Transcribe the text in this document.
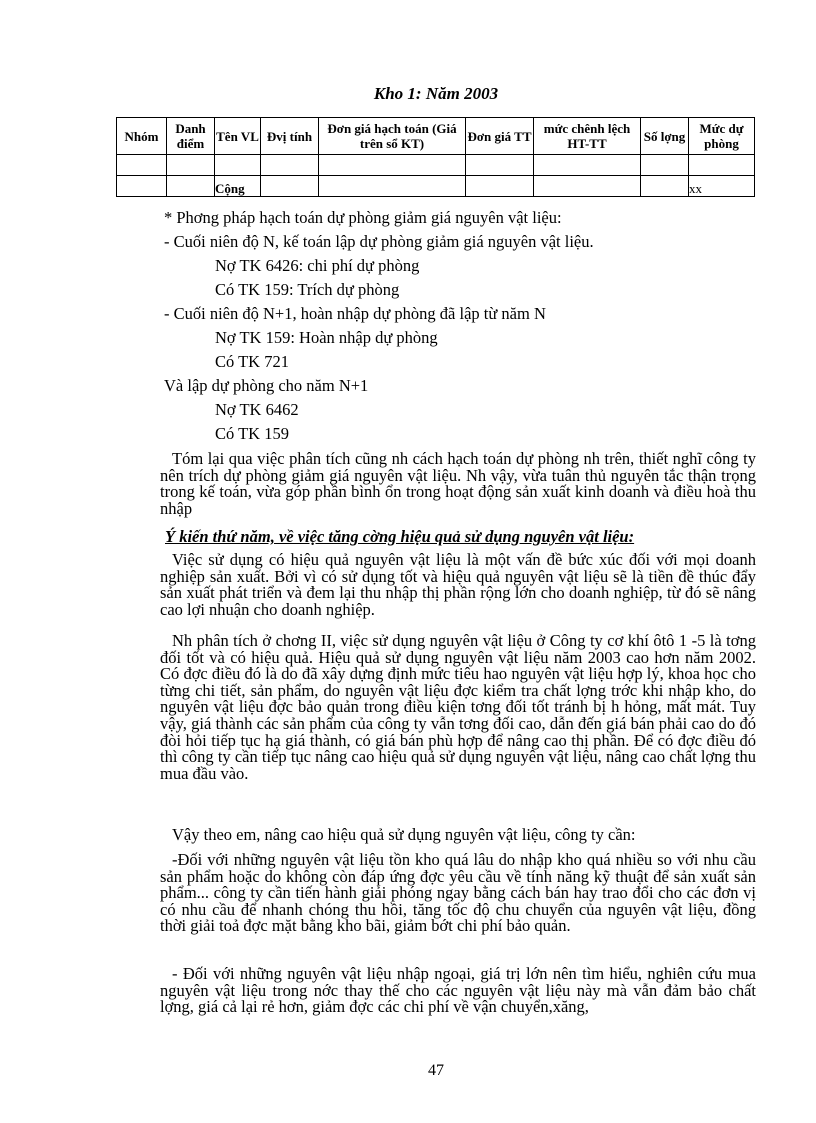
Kho 1: Năm 2003
Nhóm	Danh điểm	Tên VL	Đvị tính	Đơn giá hạch toán (Giá trên sổ KT)	Đơn giá TT	mức chênh lệch HT-TT	Số lợng	Mức dự phòng

		Cộng						xx
* Phơng pháp hạch toán dự phòng giảm giá nguyên vật liệu:
- Cuối niên độ N, kế toán lập dự phòng giảm giá nguyên vật liệu.
Nợ TK 6426: chi phí dự phòng
Có TK 159: Trích dự phòng
- Cuối niên độ N+1, hoàn nhập dự phòng đã lập từ năm N
Nợ TK 159: Hoàn nhập dự phòng
Có TK 721
Và lập dự phòng cho năm N+1
Nợ TK 6462
Có TK 159
Tóm lại qua việc phân tích cũng nh cách hạch toán dự phòng nh trên, thiết nghĩ công ty nên trích dự phòng giảm giá nguyên vật liệu. Nh vậy, vừa tuân thủ nguyên tắc thận trọng trong kế toán, vừa góp phần bình ổn trong hoạt động sản xuất kinh doanh và điều hoà thu nhập
Ý kiến thứ năm, về việc tăng cờng hiệu quả sử dụng nguyên vật liệu:
Việc sử dụng có hiệu quả nguyên vật liệu là một vấn đề bức xúc đối với mọi doanh nghiệp sản xuất. Bởi vì có sử dụng tốt và hiệu quả nguyên vật liệu sẽ là tiền đề thúc đẩy sản xuất phát triển và đem lại thu nhập thị phần rộng lớn cho doanh nghiệp, từ đó sẽ nâng cao lợi nhuận cho doanh nghiệp.
Nh phân tích ở chơng II, việc sử dụng nguyên vật liệu ở Công ty cơ khí ôtô 1 -5 là tơng đối tốt và có hiệu quả. Hiệu quả sử dụng nguyên vật liệu năm 2003 cao hơn năm 2002. Có đợc điều đó là do đã xây dựng định mức tiêu hao nguyên vật liệu hợp lý, khoa học cho từng chi tiết, sản phẩm, do nguyên vật liệu đợc kiểm tra chất lợng trớc khi nhập kho, do nguyên vật liệu đợc bảo quản trong điều kiện tơng đối tốt tránh bị h hỏng, mất mát. Tuy vậy, giá thành các sản phẩm của công ty vẫn tơng đối cao, dẫn đến giá bán phải cao do đó đòi hỏi tiếp tục hạ giá thành, có giá bán phù hợp để nâng cao thị phần. Để có đợc điều đó thì công ty cần tiếp tục nâng cao hiệu quả sử dụng nguyên vật liệu, nâng cao chất lợng thu mua đầu vào.
Vậy theo em, nâng cao hiệu quả sử dụng nguyên vật liệu, công ty cần:
-Đối với những nguyên vật liệu tồn kho quá lâu do nhập kho quá nhiều so với nhu cầu sản phẩm hoặc do không còn đáp ứng đợc yêu cầu về tính năng kỹ thuật để sản xuất sản phẩm... công ty cần tiến hành giải phóng ngay bằng cách bán hay trao đổi cho các đơn vị có nhu cầu để nhanh chóng thu hồi, tăng tốc độ chu chuyển của nguyên vật liệu, đồng thời giải toả đợc mặt bằng kho bãi, giảm bớt chi phí bảo quản.
- Đối với những nguyên vật liệu nhập ngoại, giá trị lớn nên tìm hiểu, nghiên cứu mua nguyên vật liệu trong nớc thay thế cho các nguyên vật liệu này mà vẫn đảm bảo chất lợng, giá cả lại rẻ hơn, giảm đợc các chi phí về vận chuyển,xăng,
47
